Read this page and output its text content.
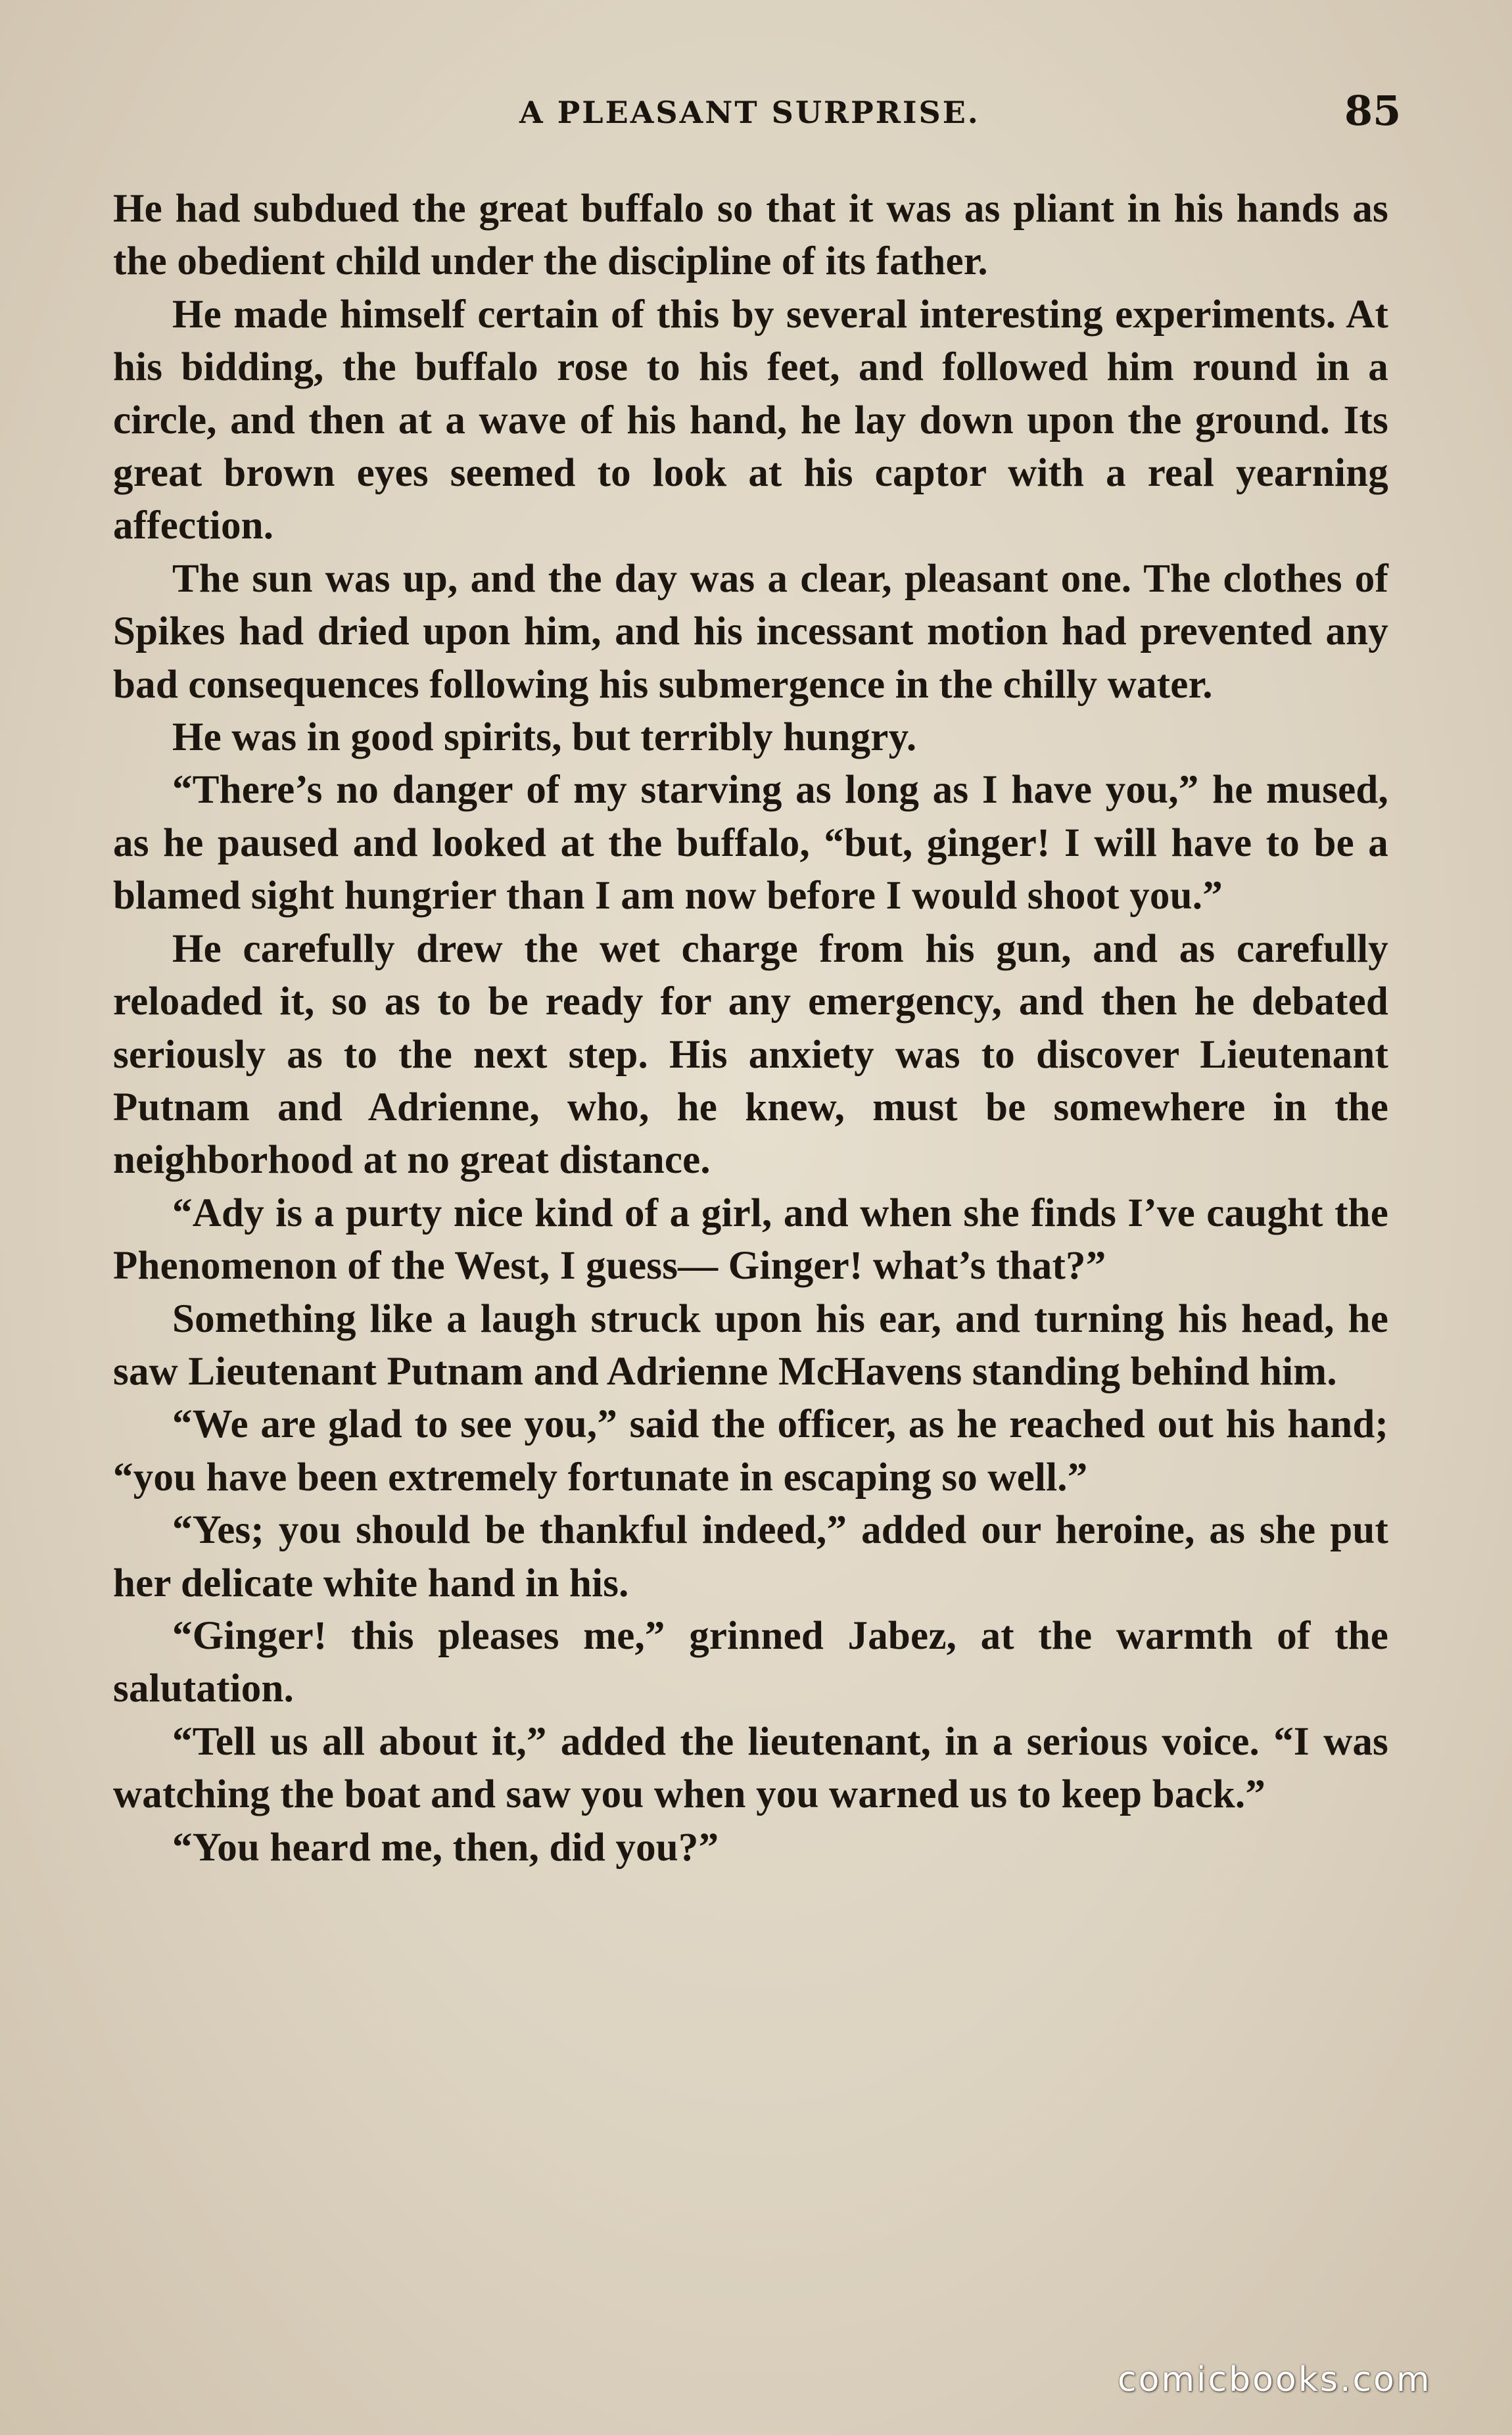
A PLEASANT SURPRISE.	85

He had subdued the great buffalo so that it was as pliant in his hands as the obedient child under the discipline of its father.

He made himself certain of this by several interesting experiments. At his bidding, the buffalo rose to his feet, and followed him round in a circle, and then at a wave of his hand, he lay down upon the ground. Its great brown eyes seemed to look at his captor with a real yearning affection.

The sun was up, and the day was a clear, pleasant one. The clothes of Spikes had dried upon him, and his incessant motion had prevented any bad consequences following his submergence in the chilly water.

He was in good spirits, but terribly hungry.

“There’s no danger of my starving as long as I have you,” he mused, as he paused and looked at the buffalo, “but, ginger! I will have to be a blamed sight hungrier than I am now before I would shoot you.”

He carefully drew the wet charge from his gun, and as carefully reloaded it, so as to be ready for any emergency, and then he debated seriously as to the next step. His anxiety was to discover Lieutenant Putnam and Adrienne, who, he knew, must be somewhere in the neighborhood at no great distance.

“Ady is a purty nice kind of a girl, and when she finds I’ve caught the Phenomenon of the West, I guess— Ginger! what’s that?”

Something like a laugh struck upon his ear, and turning his head, he saw Lieutenant Putnam and Adrienne McHavens standing behind him.

“We are glad to see you,” said the officer, as he reached out his hand; “you have been extremely fortunate in escaping so well.”

“Yes; you should be thankful indeed,” added our heroine, as she put her delicate white hand in his.

“Ginger! this pleases me,” grinned Jabez, at the warmth of the salutation.

“Tell us all about it,” added the lieutenant, in a serious voice. “I was watching the boat and saw you when you warned us to keep back.”

“You heard me, then, did you?”

comicbooks.com
